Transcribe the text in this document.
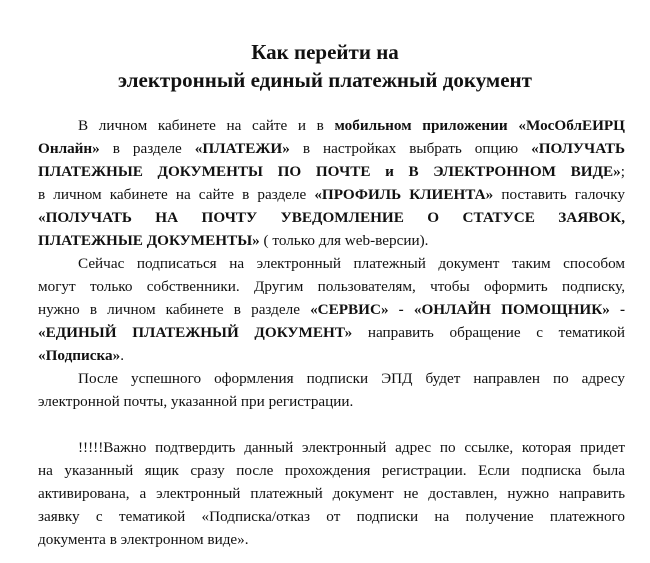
Как перейти на
электронный единый платежный документ
В личном кабинете на сайте и в мобильном приложении «МосОблЕИРЦ
Онлайн» в разделе «ПЛАТЕЖИ» в настройках выбрать опцию «ПОЛУЧАТЬ
ПЛАТЕЖНЫЕ ДОКУМЕНТЫ ПО ПОЧТЕ и В ЭЛЕКТРОННОМ ВИДЕ»;
в личном кабинете на сайте в разделе «ПРОФИЛЬ КЛИЕНТА» поставить галочку
«ПОЛУЧАТЬ НА ПОЧТУ УВЕДОМЛЕНИЕ О СТАТУСЕ ЗАЯВОК,
ПЛАТЕЖНЫЕ ДОКУМЕНТЫ» ( только для web-версии).
Сейчас подписаться на электронный платежный документ таким способом
могут только собственники. Другим пользователям, чтобы оформить подписку,
нужно в личном кабинете в разделе «СЕРВИС» - «ОНЛАЙН ПОМОЩНИК» -
«ЕДИНЫЙ ПЛАТЕЖНЫЙ ДОКУМЕНТ» направить обращение с тематикой
«Подписка».
После успешного оформления подписки ЭПД будет направлен по адресу
электронной почты, указанной при регистрации.
!!!!!Важно подтвердить данный электронный адрес по ссылке, которая придет
на указанный ящик сразу после прохождения регистрации. Если подписка была
активирована, а электронный платежный документ не доставлен, нужно направить
заявку с тематикой «Подписка/отказ от подписки на получение платежного
документа в электронном виде».
